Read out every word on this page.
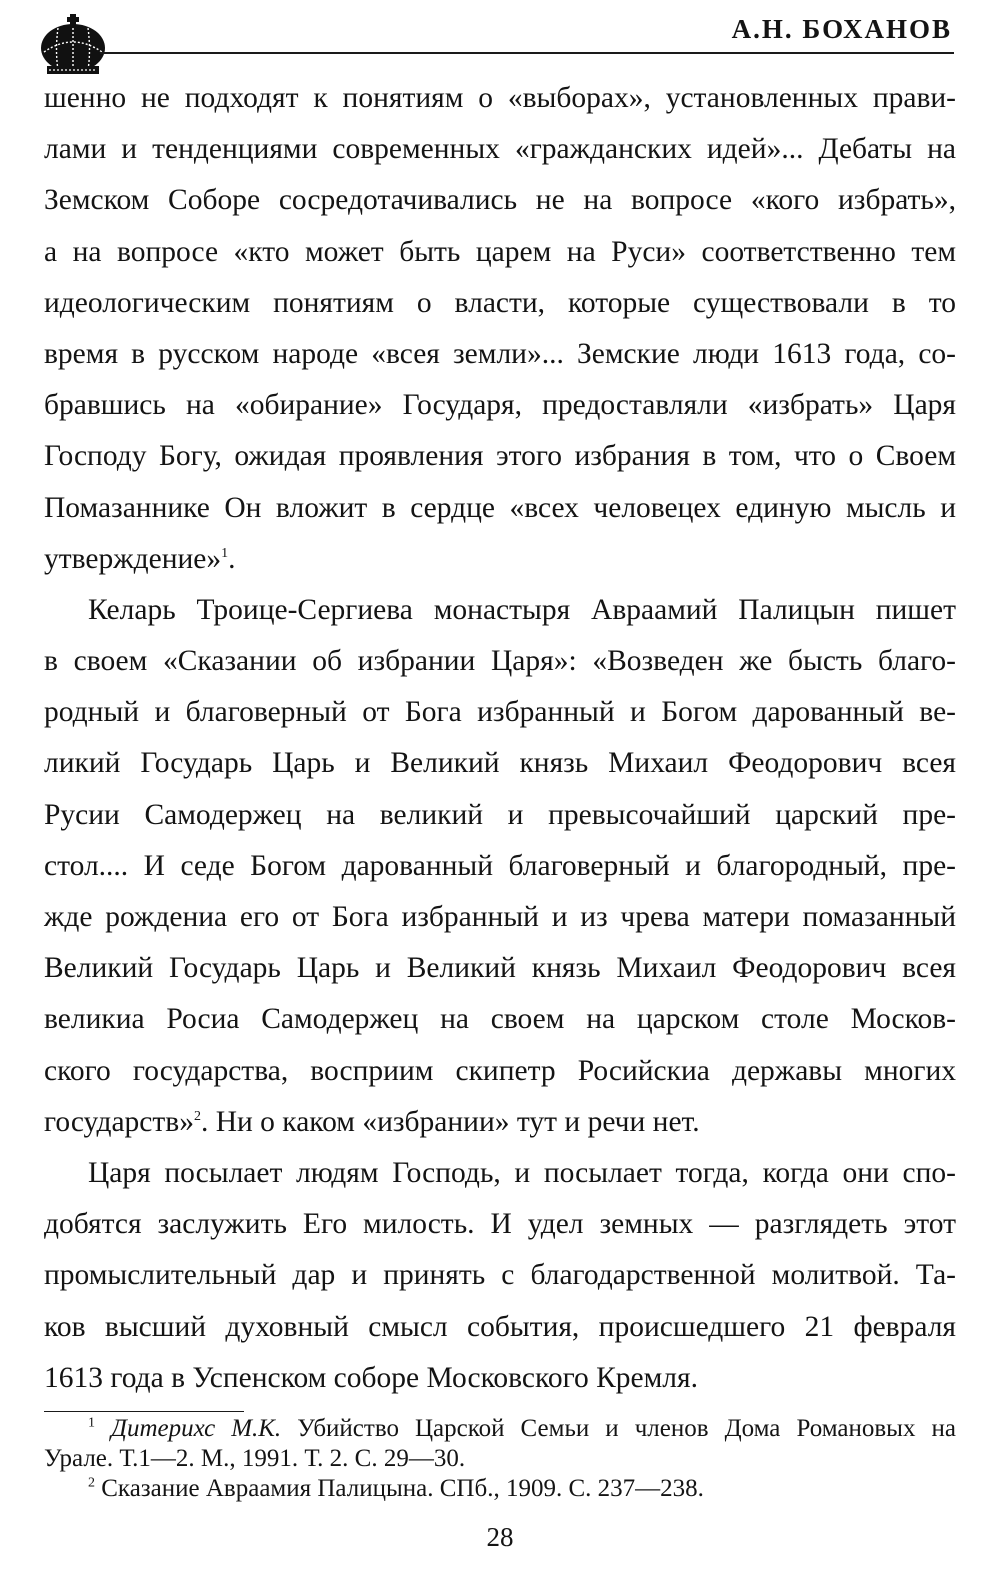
А.Н. БОХАНОВ
шенно не подходят к понятиям о «выборах», установленных прави-
лами и тенденциями современных «гражданских идей»... Дебаты на
Земском Соборе сосредотачивались не на вопросе «кого избрать»,
а на вопросе «кто может быть царем на Руси» соответственно тем
идеологическим понятиям о власти, которые существовали в то
время в русском народе «всея земли»... Земские люди 1613 года, со-
бравшись на «обирание» Государя, предоставляли «избрать» Царя
Господу Богу, ожидая проявления этого избрания в том, что о Своем
Помазаннике Он вложит в сердце «всех человецех единую мысль и
утверждение»$^1$.
Келарь Троице-Сергиева монастыря Авраамий Палицын пишет
в своем «Сказании об избрании Царя»: «Возведен же бысть благо-
родный и благоверный от Бога избранный и Богом дарованный ве-
ликий Государь Царь и Великий князь Михаил Феодорович всея
Русии Самодержец на великий и превысочайший царский пре-
стол.... И седе Богом дарованный благоверный и благородный, пре-
жде рождениа его от Бога избранный и из чрева матери помазанный
Великий Государь Царь и Великий князь Михаил Феодорович всея
великиа Росиа Самодержец на своем на царском столе Москов-
ского государства, восприим скипетр Росийскиа державы многих
государств»$^2$. Ни о каком «избрании» тут и речи нет.
Царя посылает людям Господь, и посылает тогда, когда они спо-
добятся заслужить Его милость. И удел земных — разглядеть этот
промыслительный дар и принять с благодарственной молитвой. Та-
ков высший духовный смысл события, происшедшего 21 февраля
1613 года в Успенском соборе Московского Кремля.
$^1$ Дитерихс М.К. Убийство Царской Семьи и членов Дома Романовых на
Урале. Т.1—2. М., 1991. Т. 2. С. 29—30.
$^2$ Сказание Авраамия Палицына. СПб., 1909. С. 237—238.
28
